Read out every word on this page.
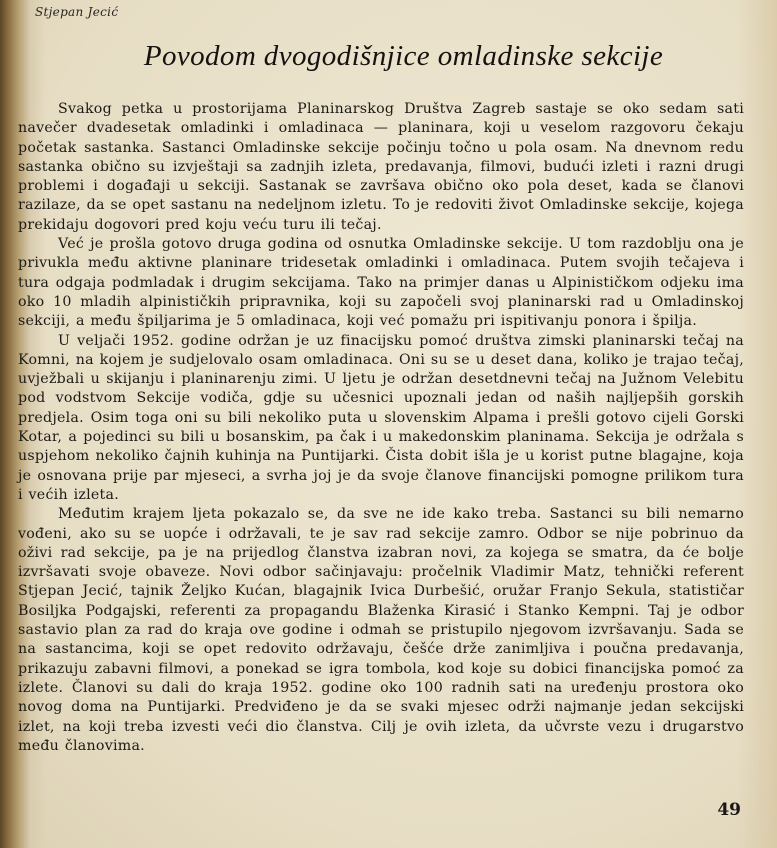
Stjepan Jecić
Povodom dvogodišnjice omladinske sekcije

Svakog petka u prostorijama Planinarskog Društva Zagreb sastaje se oko sedam sati navečer dvadesetak omladinki i omladinaca — planinara, koji u veselom razgovoru čekaju početak sastanka. Sastanci Omladinske sekcije počinju točno u pola osam. Na dnevnom redu sastanka obično su izvještaji sa zadnjih izleta, predavanja, filmovi, budući izleti i razni drugi problemi i događaji u sekciji. Sastanak se završava obično oko pola deset, kada se članovi razilaze, da se opet sastanu na nedeljnom izletu. To je redoviti život Omladinske sekcije, kojega prekidaju dogovori pred koju veću turu ili tečaj.

Već je prošla gotovo druga godina od osnutka Omladinske sekcije. U tom razdoblju ona je privukla među aktivne planinare tridesetak omladinki i omladinaca. Putem svojih tečajeva i tura odgaja podmladak i drugim sekcijama. Tako na primjer danas u Alpinističkom odjeku ima oko 10 mladih alpinističkih pripravnika, koji su započeli svoj planinarski rad u Omladinskoj sekciji, a među špiljarima je 5 omladinaca, koji već pomažu pri ispitivanju ponora i špilja.

U veljači 1952. godine održan je uz finacijsku pomoć društva zimski planinarski tečaj na Komni, na kojem je sudjelovalo osam omladinaca. Oni su se u deset dana, koliko je trajao tečaj, uvježbali u skijanju i planinarenju zimi. U ljetu je održan desetdnevni tečaj na Južnom Velebitu pod vodstvom Sekcije vodiča, gdje su učesnici upoznali jedan od naših najljepših gorskih predjela. Osim toga oni su bili nekoliko puta u slovenskim Alpama i prešli gotovo cijeli Gorski Kotar, a pojedinci su bili u bosanskim, pa čak i u makedonskim planinama. Sekcija je održala s uspjehom nekoliko čajnih kuhinja na Puntijarki. Čista dobit išla je u korist putne blagajne, koja je osnovana prije par mjeseci, a svrha joj je da svoje članove financijski pomogne prilikom tura i većih izleta.

Međutim krajem ljeta pokazalo se, da sve ne ide kako treba. Sastanci su bili nemarno vođeni, ako su se uopće i održavali, te je sav rad sekcije zamro. Odbor se nije pobrinuo da oživi rad sekcije, pa je na prijedlog članstva izabran novi, za kojega se smatra, da će bolje izvršavati svoje obaveze. Novi odbor sačinjavaju: pročelnik Vladimir Matz, tehnički referent Stjepan Jecić, tajnik Željko Kućan, blagajnik Ivica Durbešić, oružar Franjo Sekula, statističar Bosiljka Podgajski, referenti za propagandu Blaženka Kirasić i Stanko Kempni. Taj je odbor sastavio plan za rad do kraja ove godine i odmah se pristupilo njegovom izvršavanju. Sada se na sastancima, koji se opet redovito održavaju, češće drže zanimljiva i poučna predavanja, prikazuju zabavni filmovi, a ponekad se igra tombola, kod koje su dobici financijska pomoć za izlete. Članovi su dali do kraja 1952. godine oko 100 radnih sati na uređenju prostora oko novog doma na Puntijarki. Predviđeno je da se svaki mjesec održi najmanje jedan sekcijski izlet, na koji treba izvesti veći dio članstva. Cilj je ovih izleta, da učvrste vezu i drugarstvo među članovima.

49
